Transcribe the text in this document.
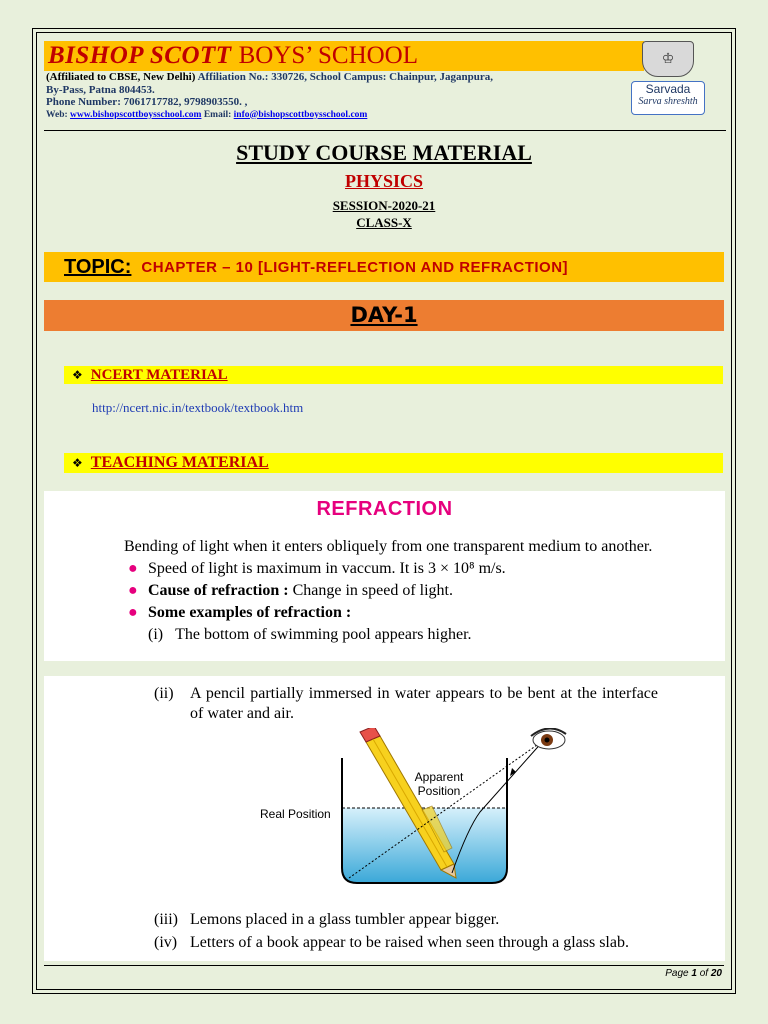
BISHOP SCOTT BOYS’ SCHOOL
(Affiliated to CBSE, New Delhi) Affiliation No.: 330726, School Campus: Chainpur, Jaganpura,
By-Pass, Patna 804453.
Phone Number: 7061717782, 9798903550. ,
Web: www.bishopscottboysschool.com Email: info@bishopscottboysschool.com
♔
Sarvada
Sarva shreshth
STUDY COURSE MATERIAL
PHYSICS
SESSION-2020-21
CLASS-X
TOPIC: CHAPTER – 10 [LIGHT-REFLECTION AND REFRACTION]
DAY-1
❖ NCERT MATERIAL
http://ncert.nic.in/textbook/textbook.htm
❖ TEACHING MATERIAL
REFRACTION
Bending of light when it enters obliquely from one transparent medium to another.
● Speed of light is maximum in vaccum. It is 3 × 10⁸ m/s.
● Cause of refraction : Change in speed of light.
● Some examples of refraction :
(i) The bottom of swimming pool appears higher.
(ii) A pencil partially immersed in water appears to be bent at the interface of water and air.
Apparent
Position
Real Position
(iii) Lemons placed in a glass tumbler appear bigger.
(iv) Letters of a book appear to be raised when seen through a glass slab.
Page 1 of 20
